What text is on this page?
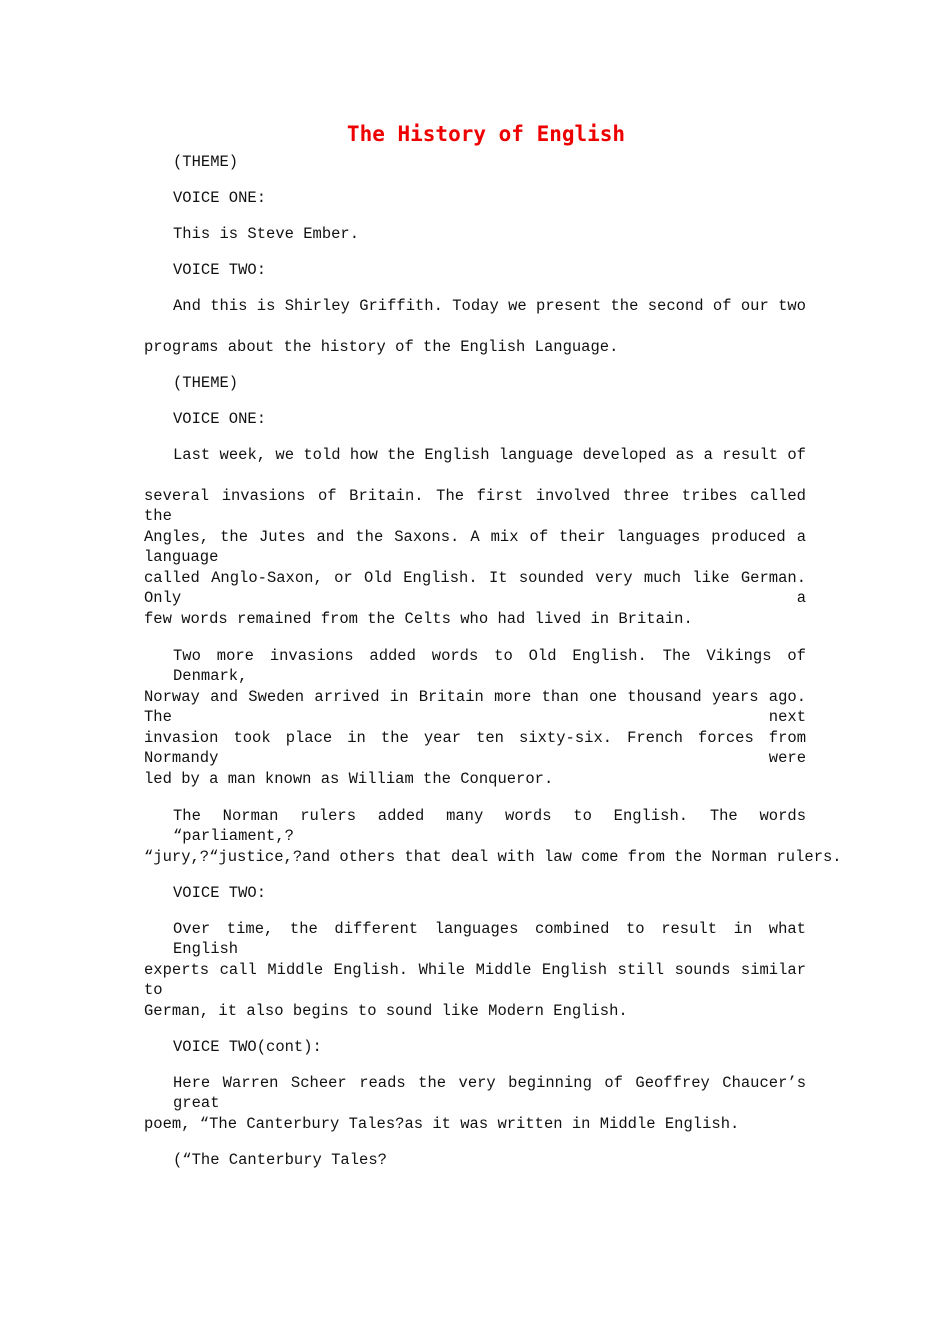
The History of English

(THEME)

VOICE ONE:

This is Steve Ember.

VOICE TWO:

And this is Shirley Griffith. Today we present the second of our two

programs about the history of the English Language.

(THEME)

VOICE ONE:

Last week, we told how the English language developed as a result of

several invasions of Britain. The first involved three tribes called the

Angles, the Jutes and the Saxons. A mix of their languages produced a language

called Anglo-Saxon, or Old English. It sounded very much like German. Only a

few words remained from the Celts who had lived in Britain.

Two more invasions added words to Old English. The Vikings of Denmark,

Norway and Sweden arrived in Britain more than one thousand years ago. The next

invasion took place in the year ten sixty-six. French forces from Normandy were

led by a man known as William the Conqueror.

The Norman rulers added many words to English. The words “parliament,?

“jury,?“justice,?and others that deal with law come from the Norman rulers.

VOICE TWO:

Over time, the different languages combined to result in what English

experts call Middle English. While Middle English still sounds similar to

German, it also begins to sound like Modern English.

VOICE TWO(cont):

Here Warren Scheer reads the very beginning of Geoffrey Chaucer’s great

poem, “The Canterbury Tales?as it was written in Middle English.

(“The Canterbury Tales?
